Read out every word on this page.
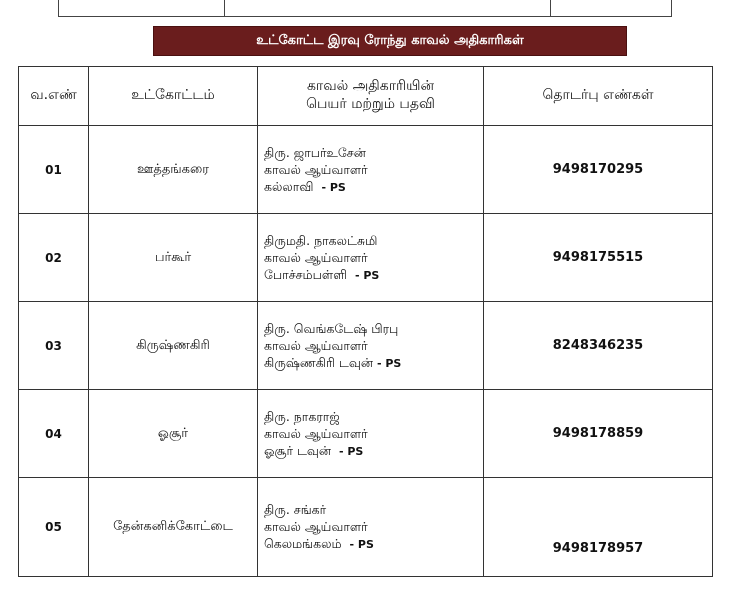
உட்கோட்ட இரவு ரோந்து காவல் அதிகாரிகள்
வ.எண்	உட்கோட்டம்	காவல் அதிகாரியின்
பெயர் மற்றும் பதவி	தொடர்பு எண்கள்
01	ஊத்தங்கரை	திரு. ஜாபர்உசேன்
காவல் ஆய்வாளர்
கல்லாவி - PS	9498170295
02	பர்கூர்	திருமதி. நாகலட்சுமி
காவல் ஆய்வாளர்
போச்சம்பள்ளி - PS	9498175515
03	கிருஷ்ணகிரி	திரு. வெங்கடேஷ் பிரபு
காவல் ஆய்வாளர்
கிருஷ்ணகிரி டவுன் - PS	8248346235
04	ஓசூர்	திரு. நாகராஜ்
காவல் ஆய்வாளர்
ஓசூர் டவுன் - PS	9498178859
05	தேன்கனிக்கோட்டை	திரு. சங்கர்
காவல் ஆய்வாளர்
கெலமங்கலம் - PS	9498178957
